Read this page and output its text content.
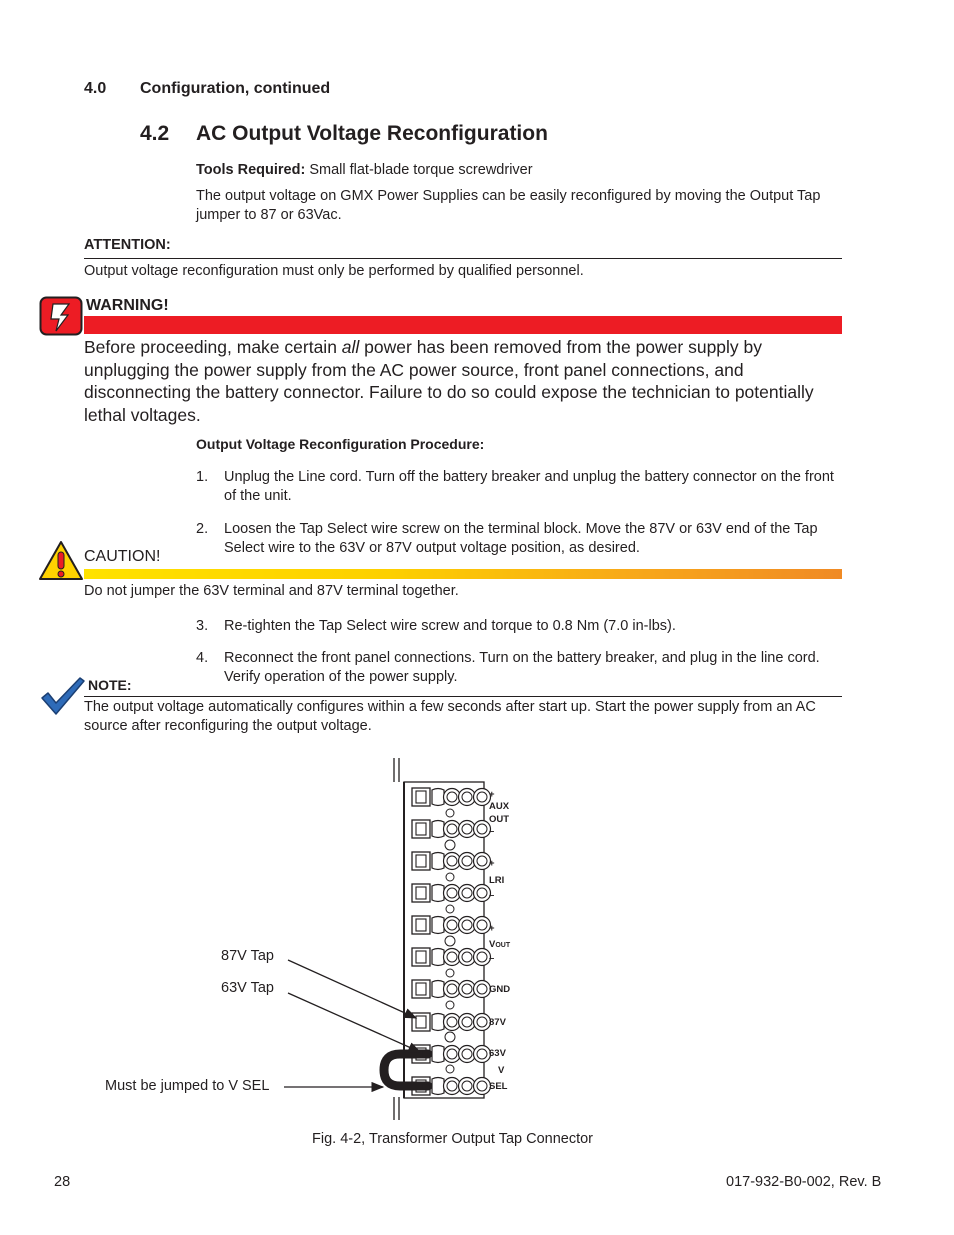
4.0 Configuration, continued
4.2 AC Output Voltage Reconfiguration
Tools Required: Small flat-blade torque screwdriver
The output voltage on GMX Power Supplies can be easily reconfigured by moving the Output Tap jumper to 87 or 63Vac.
ATTENTION:
Output voltage reconfiguration must only be performed by qualified personnel.
WARNING!
Before proceeding, make certain all power has been removed from the power supply by unplugging the power supply from the AC power source, front panel connections, and disconnecting the battery connector. Failure to do so could expose the technician to potentially lethal voltages.
Output Voltage Reconfiguration Procedure:
1. Unplug the Line cord. Turn off the battery breaker and unplug the battery connector on the front of the unit.
2. Loosen the Tap Select wire screw on the terminal block. Move the 87V or 63V end of the Tap Select wire to the 63V or 87V output voltage position, as desired.
CAUTION!
Do not jumper the 63V terminal and 87V terminal together.
3. Re-tighten the Tap Select wire screw and torque to 0.8 Nm (7.0 in-lbs).
4. Reconnect the front panel connections. Turn on the battery breaker, and plug in the line cord. Verify operation of the power supply.
NOTE:
The output voltage automatically configures within a few seconds after start up. Start the power supply from an AC source after reconfiguring the output voltage.
87V Tap
63V Tap
Must be jumped to V SEL
+
AUX
OUT
–
+
LRI
–
+
VOUT
–
GND
87V
63V
V
SEL
Fig. 4-2, Transformer Output Tap Connector
28	017-932-B0-002, Rev. B
